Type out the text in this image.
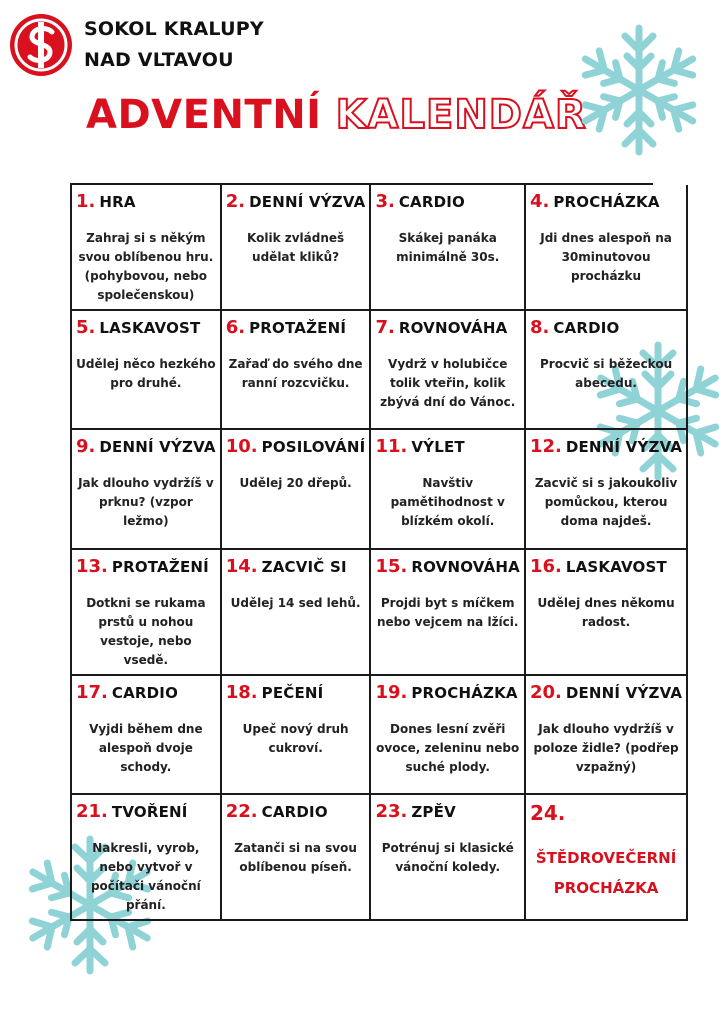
SOKOL KRALUPY
NAD VLTAVOU
ADVENTNÍ KALENDÁŘ
1. HRA
Zahraj si s někým svou oblíbenou hru. (pohybovou, nebo společenskou)
2. DENNÍ VÝZVA
Kolik zvládneš udělat kliků?
3. CARDIO
Skákej panáka minimálně 30s.
4. PROCHÁZKA
Jdi dnes alespoň na 30minutovou procházku
5. LASKAVOST
Udělej něco hezkého pro druhé.
6. PROTAŽENÍ
Zařaď do svého dne ranní rozcvičku.
7. ROVNOVÁHA
Vydrž v holubičce tolik vteřin, kolik zbývá dní do Vánoc.
8. CARDIO
Procvič si běžeckou abecedu.
9. DENNÍ VÝZVA
Jak dlouho vydržíš v prknu? (vzpor ležmo)
10. POSILOVÁNÍ
Udělej 20 dřepů.
11. VÝLET
Navštiv pamětihodnost v blízkém okolí.
12. DENNÍ VÝZVA
Zacvič si s jakoukoliv pomůckou, kterou doma najdeš.
13. PROTAŽENÍ
Dotkni se rukama prstů u nohou vestoje, nebo vsedě.
14. ZACVIČ SI
Udělej 14 sed lehů.
15. ROVNOVÁHA
Projdi byt s míčkem nebo vejcem na lžíci.
16. LASKAVOST
Udělej dnes někomu radost.
17. CARDIO
Vyjdi během dne alespoň dvoje schody.
18. PEČENÍ
Upeč nový druh cukroví.
19. PROCHÁZKA
Dones lesní zvěři ovoce, zeleninu nebo suché plody.
20. DENNÍ VÝZVA
Jak dlouho vydržíš v poloze židle? (podřep vzpažný)
21. TVOŘENÍ
Nakresli, vyrob, nebo vytvoř v počítači vánoční přání.
22. CARDIO
Zatanči si na svou oblíbenou píseň.
23. ZPĚV
Potrénuj si klasické vánoční koledy.
24.
ŠTĚDROVEČERNÍ
PROCHÁZKA
